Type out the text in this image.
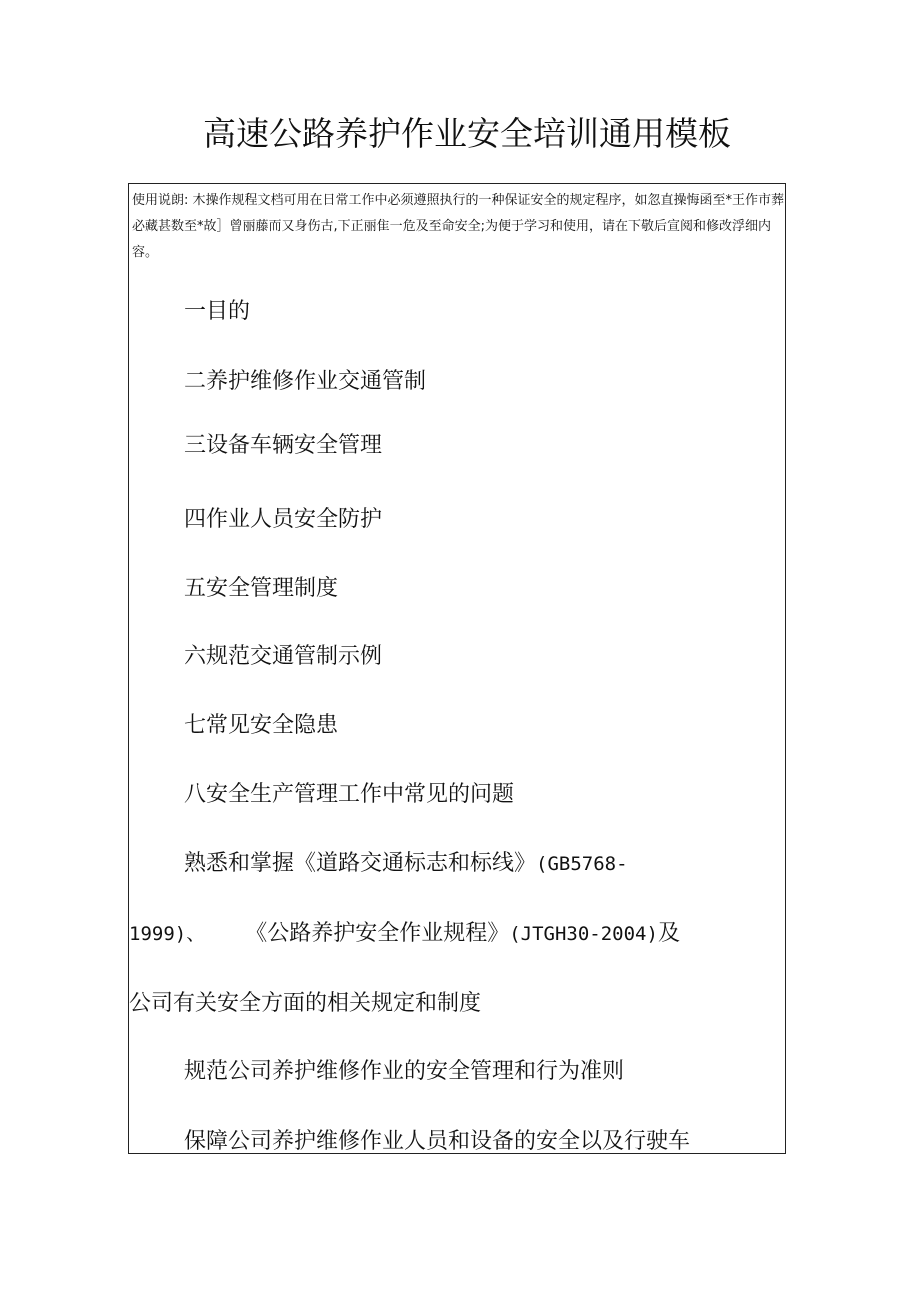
高速公路养护作业安全培训通用模板
使用说朗: 木操作规程文档可用在日常工作中必须遵照执行的一种保证安全的规定程序，如忽直操悔函至*王作市葬必藏甚数至*故］曾丽藤而又身伤古,下正丽隹一危及至命安全;为便于学习和使用，请在下敬后宣阅和修改浮细内容。
一目的
二养护维修作业交通管制
三设备车辆安全管理
四作业人员安全防护
五安全管理制度
六规范交通管制示例
七常见安全隐患
八安全生产管理工作中常见的问题
熟悉和掌握《道路交通标志和标线》(GB5768-
1999)、 《公路养护安全作业规程》(JTGH30-2004)及
公司有关安全方面的相关规定和制度
规范公司养护维修作业的安全管理和行为准则
保障公司养护维修作业人员和设备的安全以及行驶车
